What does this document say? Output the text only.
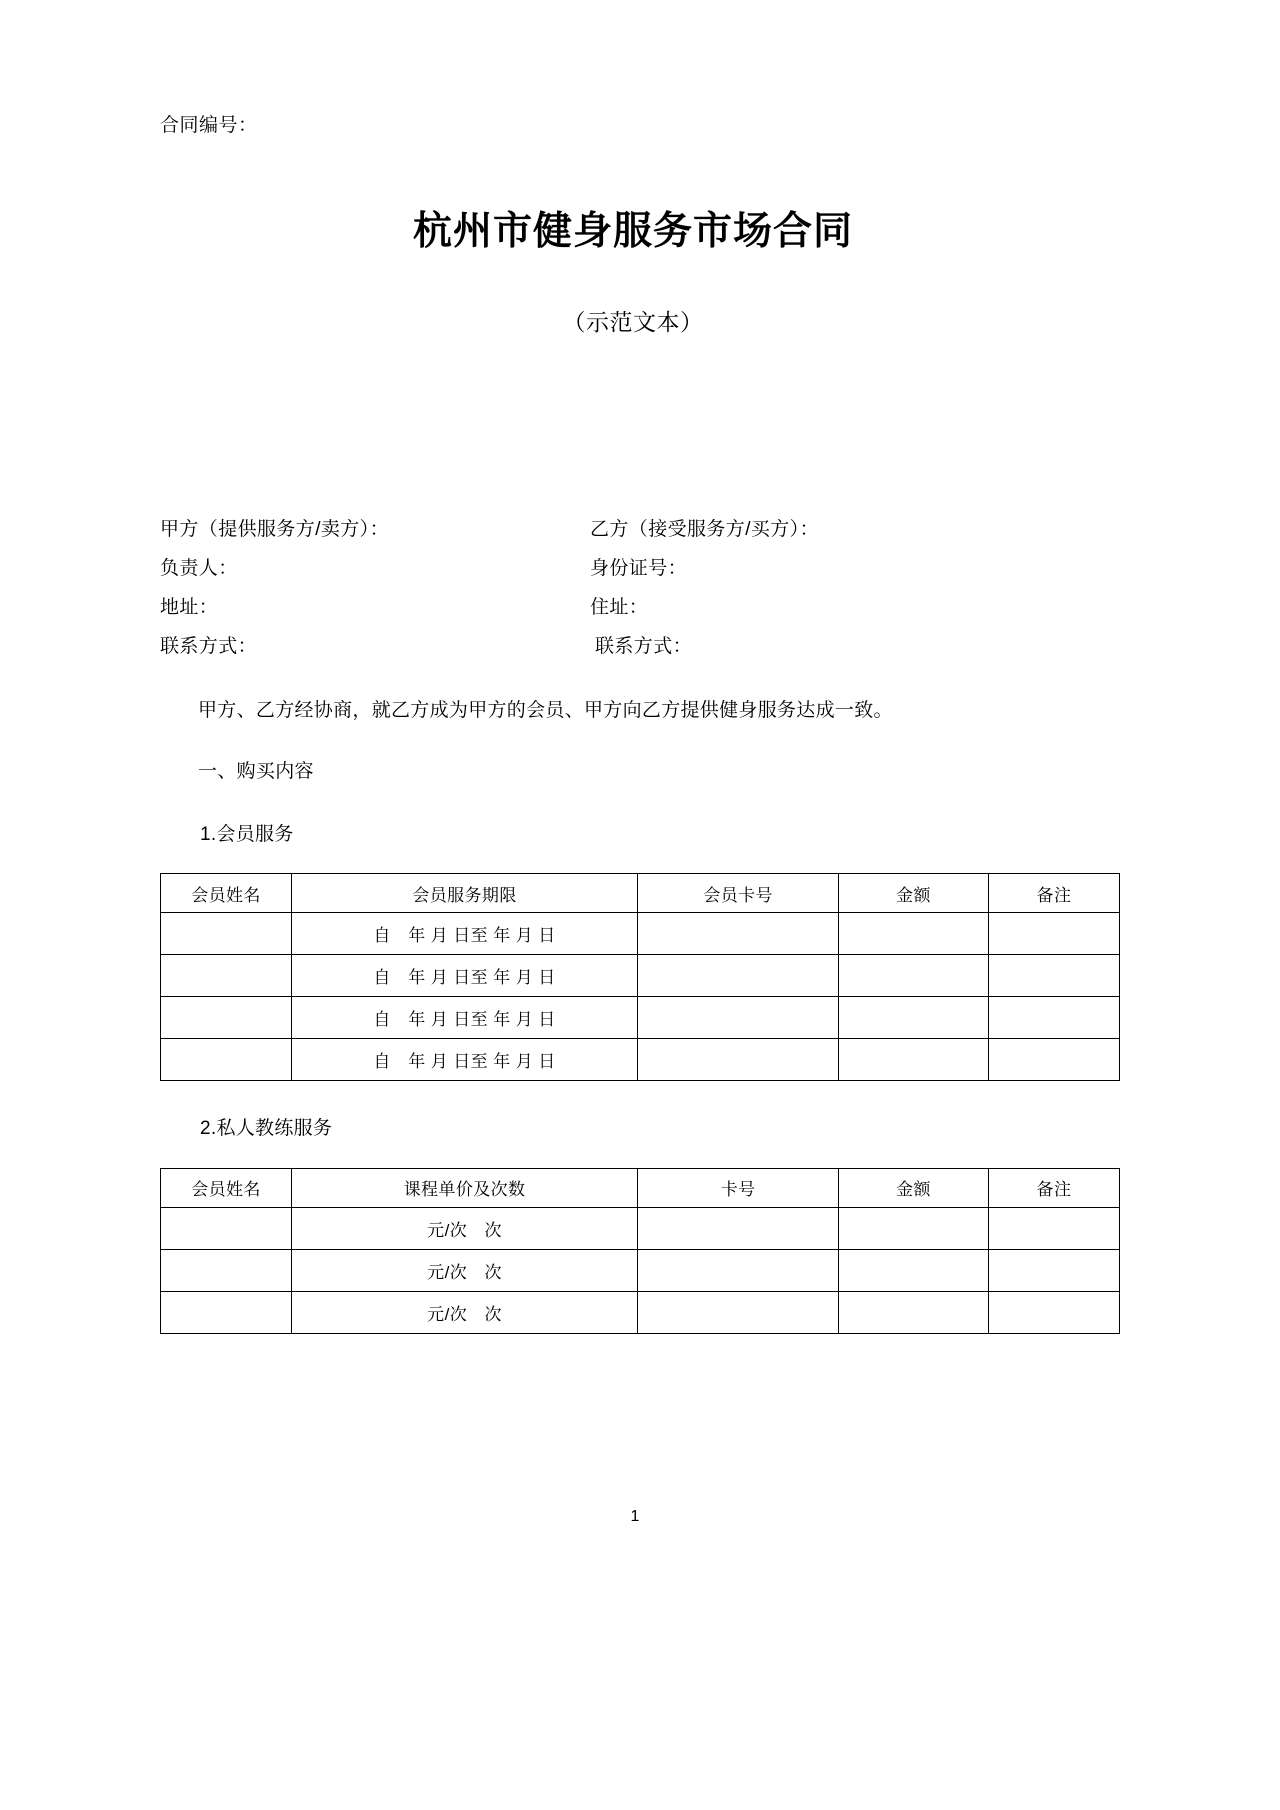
合同编号：
杭州市健身服务市场合同
（示范文本）
甲方（提供服务方/卖方）：	乙方（接受服务方/买方）：
负责人：	身份证号：
地址：	住址：
联系方式：	联系方式：

甲方、乙方经协商，就乙方成为甲方的会员、甲方向乙方提供健身服务达成一致。

一、购买内容
1.会员服务
会员姓名	会员服务期限	会员卡号	金额	备注
	自　年 月 日至 年 月 日			
	自　年 月 日至 年 月 日			
	自　年 月 日至 年 月 日			
	自　年 月 日至 年 月 日			
2.私人教练服务
会员姓名	课程单价及次数	卡号	金额	备注
	元/次　次			
	元/次　次			
	元/次　次			
1
